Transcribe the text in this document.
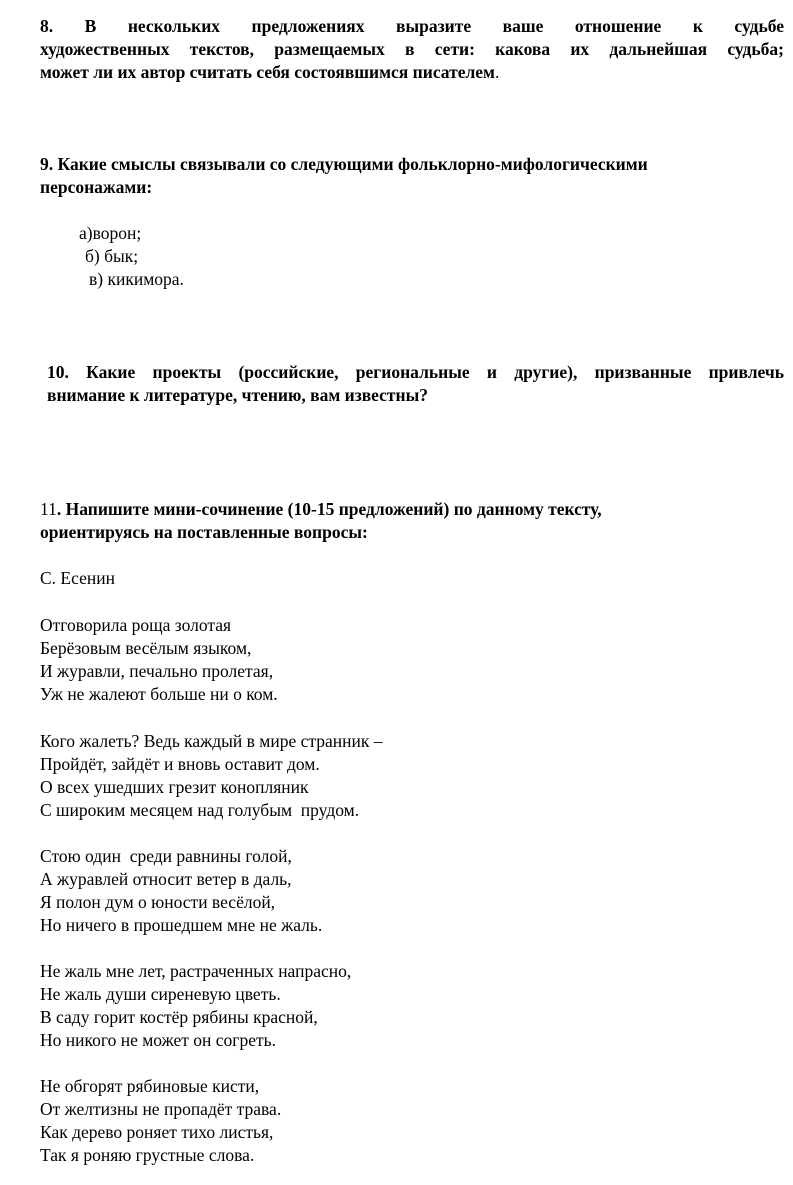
8. В нескольких предложениях выразите ваше отношение к судьбе
художественных текстов, размещаемых в сети: какова их дальнейшая судьба;
может ли их автор считать себя состоявшимся писателем.
9. Какие смыслы связывали со следующими фольклорно-мифологическими
персонажами:
а)ворон;
б) бык;
в) кикимора.
10. Какие проекты (российские, региональные и другие), призванные привлечь
внимание к литературе, чтению, вам известны?
11. Напишите мини-сочинение (10-15 предложений) по данному тексту,
ориентируясь на поставленные вопросы:
С. Есенин
Отговорила роща золотая
Берёзовым весёлым языком,
И журавли, печально пролетая,
Уж не жалеют больше ни о ком.
Кого жалеть? Ведь каждый в мире странник –
Пройдёт, зайдёт и вновь оставит дом.
О всех ушедших грезит конопляник
С широким месяцем над голубым  прудом.
Стою один  среди равнины голой,
А журавлей относит ветер в даль,
Я полон дум о юности весёлой,
Но ничего в прошедшем мне не жаль.
Не жаль мне лет, растраченных напрасно,
Не жаль души сиреневую цветь.
В саду горит костёр рябины красной,
Но никого не может он согреть.
Не обгорят рябиновые кисти,
От желтизны не пропадёт трава.
Как дерево роняет тихо листья,
Так я роняю грустные слова.
